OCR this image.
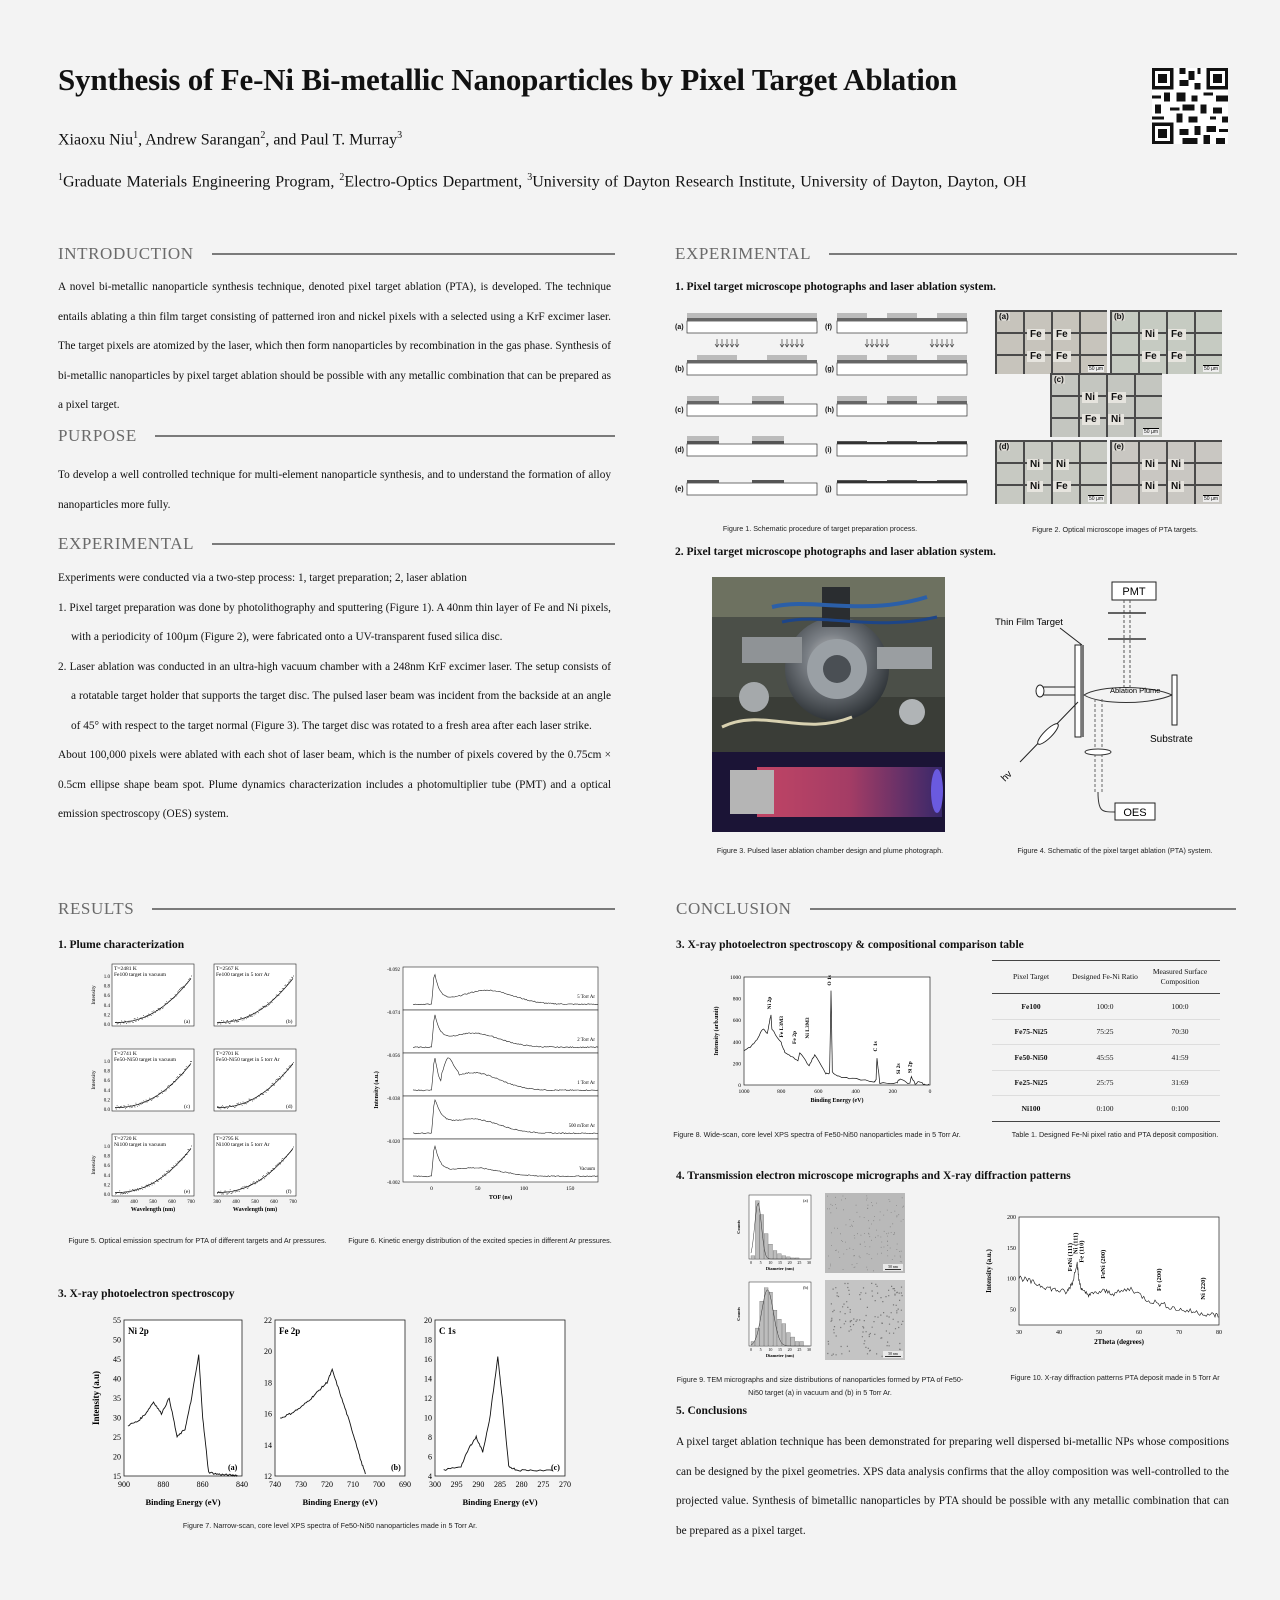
Synthesis of Fe-Ni Bi-metallic Nanoparticles by Pixel Target Ablation
Xiaoxu Niu$^1$, Andrew Sarangan$^2$, and Paul T. Murray$^3$
$^1$Graduate Materials Engineering Program, $^2$Electro-Optics Department, $^3$University of Dayton Research Institute, University of Dayton, Dayton, OH
INTRODUCTION
A novel bi-metallic nanoparticle synthesis technique, denoted pixel target ablation (PTA), is developed. The technique entails ablating a thin film target consisting of patterned iron and nickel pixels with a selected using a KrF excimer laser. The target pixels are atomized by the laser, which then form nanoparticles by recombination in the gas phase. Synthesis of bi-metallic nanoparticles by pixel target ablation should be possible with any metallic combination that can be prepared as a pixel target.
PURPOSE
To develop a well controlled technique for multi-element nanoparticle synthesis, and to understand the formation of alloy nanoparticles more fully.
EXPERIMENTAL
Experiments were conducted via a two-step process: 1, target preparation; 2, laser ablation
1. Pixel target preparation was done by photolithography and sputtering (Figure 1). A 40nm thin layer of Fe and Ni pixels, with a periodicity of 100µm (Figure 2), were fabricated onto a UV-transparent fused silica disc.
2. Laser ablation was conducted in an ultra-high vacuum chamber with a 248nm KrF excimer laser. The setup consists of a rotatable target holder that supports the target disc. The pulsed laser beam was incident from the backside at an angle of 45° with respect to the target normal (Figure 3). The target disc was rotated to a fresh area after each laser strike.
About 100,000 pixels were ablated with each shot of laser beam, which is the number of pixels covered by the 0.75cm × 0.5cm ellipse shape beam spot. Plume dynamics characterization includes a photomultiplier tube (PMT) and a optical emission spectroscopy (OES) system.
EXPERIMENTAL
1. Pixel target microscope photographs and laser ablation system.
(a)
(b)
(c)
(d)
(e)
(f)
(g)
(h)
(i)
(j)
Figure 1. Schematic procedure of target preparation process.
(a)
Fe	Fe
Fe	Fe
50 µm
(b)
Ni	Fe
Fe	Fe
50 µm
(c)
Ni	Fe
Fe	Ni
50 µm
(d)
Ni	Ni
Ni	Fe
50 µm
(e)
Ni	Ni
Ni	Ni
50 µm
Figure 2. Optical microscope images of PTA targets.
2. Pixel target microscope photographs and laser ablation system.
Figure 3. Pulsed laser ablation chamber design and plume photograph.
PMT
Thin Film Target
Ablation Plume
Substrate
hv
OES
Figure 4. Schematic of the pixel target ablation (PTA) system.
RESULTS
1. Plume characterization
T=2481 K
Fe100 target in vacuum
(a)
0.0
0.2
0.4
0.6
0.8
1.0
Intensity
T=2567 K
Fe100 target in 5 torr Ar
(b)
T=2741 K
Fe50-Ni50 target in vacuum
(c)
0.0
0.2
0.4
0.6
0.8
1.0
Intensity
T=2701 K
Fe50-Ni50 target in 5 torr Ar
(d)
T=2720 K
Ni100 target in vacuum
(e)
0.0
0.2
0.4
0.6
0.8
1.0
Intensity
300 400 500 600 700
Wavelength (nm)
T=2795 K
Ni100 target in 5 torr Ar
(f)
300 400 500 600 700
Wavelength (nm)
Figure 5. Optical emission spectrum for PTA of different targets and Ar pressures.
Intensity (a.u.)
-0.092
5 Torr Ar
-0.074
2 Torr Ar
-0.056
1 Torr Ar
-0.038
500 mTorr Ar
-0.020
Vacuum
-0.002
0	50	100	150
TOF (ns)
Figure 6. Kinetic energy distribution of the excited species in different Ar pressures.
3. X-ray photoelectron spectroscopy
Ni 2p
(a)
15
20
25
30
35
40
45
50
55
900	880	860	840
Binding Energy (eV)
Intensity (a.u)
Fe 2p
(b)
12
14
16
18
20
22
740 730 720 710 700 690
Binding Energy (eV)
C 1s
(c)
4
6
8
10
12
14
16
18
20
300 295 290 285 280 275 270
Binding Energy (eV)
Figure 7. Narrow-scan, core level XPS spectra of Fe50-Ni50 nanoparticles made in 5 Torr Ar.
CONCLUSION
3. X-ray photoelectron spectroscopy & compositional comparison table
0
200
400
600
800
1000
1000	800	600	400	200	0
Binding Energy (eV)
Intensity (arb.unit)
Ni 2p
Fe L3M3 Fe 2p Ni L3M3
O 1s
C 1s
Si 2s Si 2p
Figure 8. Wide-scan, core level XPS spectra of Fe50-Ni50 nanoparticles made in 5 Torr Ar.
Pixel Target	Designed Fe-Ni Ratio	Measured Surface Composition
Fe100	100:0	100:0
Fe75-Ni25	75:25	70:30
Fe50-Ni50	45:55	41:59
Fe25-Ni25	25:75	31:69
Ni100	0:100	0:100
Table 1. Designed Fe-Ni pixel ratio and PTA deposit composition.
4. Transmission electron microscope micrographs and X-ray diffraction patterns
(a)
0 5 10 15 20 25 30
Diameter (nm)
Counts
50 nm
(b)
0 5 10 15 20 25 30
Diameter (nm)
Counts
50 nm
Figure 9. TEM micrographs and size distributions of nanoparticles formed by PTA of Fe50-
Ni50 target (a) in vacuum and (b) in 5 Torr Ar.
50
100
150
200
30	40	50	60	70	80
2Theta (degrees)
Intensity (a.u.)	FeNi (111)
Ni (111) Fe (110) FeNi (200)
Fe (200)	Ni (220)
Figure 10. X-ray diffraction patterns PTA deposit made in 5 Torr Ar
5. Conclusions
A pixel target ablation technique has been demonstrated for preparing well dispersed bi-metallic NPs whose compositions can be designed by the pixel geometries. XPS data analysis confirms that the alloy composition was well-controlled to the projected value. Synthesis of bimetallic nanoparticles by PTA should be possible with any metallic combination that can be prepared as a pixel target.
